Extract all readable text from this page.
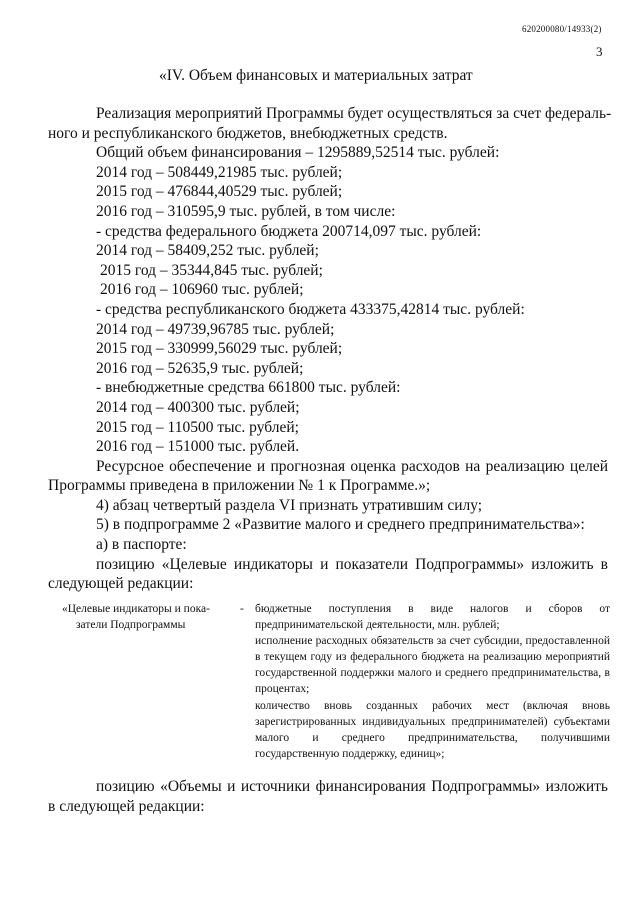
620200080/14933(2)
3
«IV. Объем финансовых и материальных затрат

Реализация мероприятий Программы будет осуществляться за счет федераль-

ного и республиканского бюджетов, внебюджетных средств.

Общий объем финансирования – 1295889,52514 тыс. рублей:

2014 год – 508449,21985 тыс. рублей;

2015 год – 476844,40529 тыс. рублей;

2016 год – 310595,9 тыс. рублей, в том числе:

- средства федерального бюджета 200714,097 тыс. рублей:

2014 год – 58409,252 тыс. рублей;

2015 год – 35344,845 тыс. рублей;

2016 год – 106960 тыс. рублей;

- средства республиканского бюджета 433375,42814 тыс. рублей:

2014 год – 49739,96785 тыс. рублей;

2015 год – 330999,56029 тыс. рублей;

2016 год – 52635,9 тыс. рублей;

- внебюджетные средства 661800 тыс. рублей:

2014 год – 400300 тыс. рублей;

2015 год – 110500 тыс. рублей;

2016 год – 151000 тыс. рублей.

Ресурсное обеспечение и прогнозная оценка расходов на реализацию целей Программы приведена в приложении № 1 к Программе.»;

4) абзац четвертый раздела VI признать утратившим силу;

5) в подпрограмме 2 «Развитие малого и среднего предпринимательства»:

а) в паспорте:

позицию «Целевые индикаторы и показатели Подпрограммы» изложить в следующей редакции:

«Целевые индикаторы и пока-
затели Подпрограммы
- бюджетные поступления в виде налогов и сборов от предпринимательской деятельности, млн. рублей;

исполнение расходных обязательств за счет субсидии, предоставленной в текущем году из федерального бюджета на реализацию мероприятий государственной поддержки малого и среднего предпринимательства, в процентах;

количество вновь созданных рабочих мест (включая вновь зарегистрированных индивидуальных предпринимателей) субъектами малого и среднего предпринимательства, получившими государственную поддержку, единиц»;

позицию «Объемы и источники финансирования Подпрограммы» изложить в следующей редакции:
